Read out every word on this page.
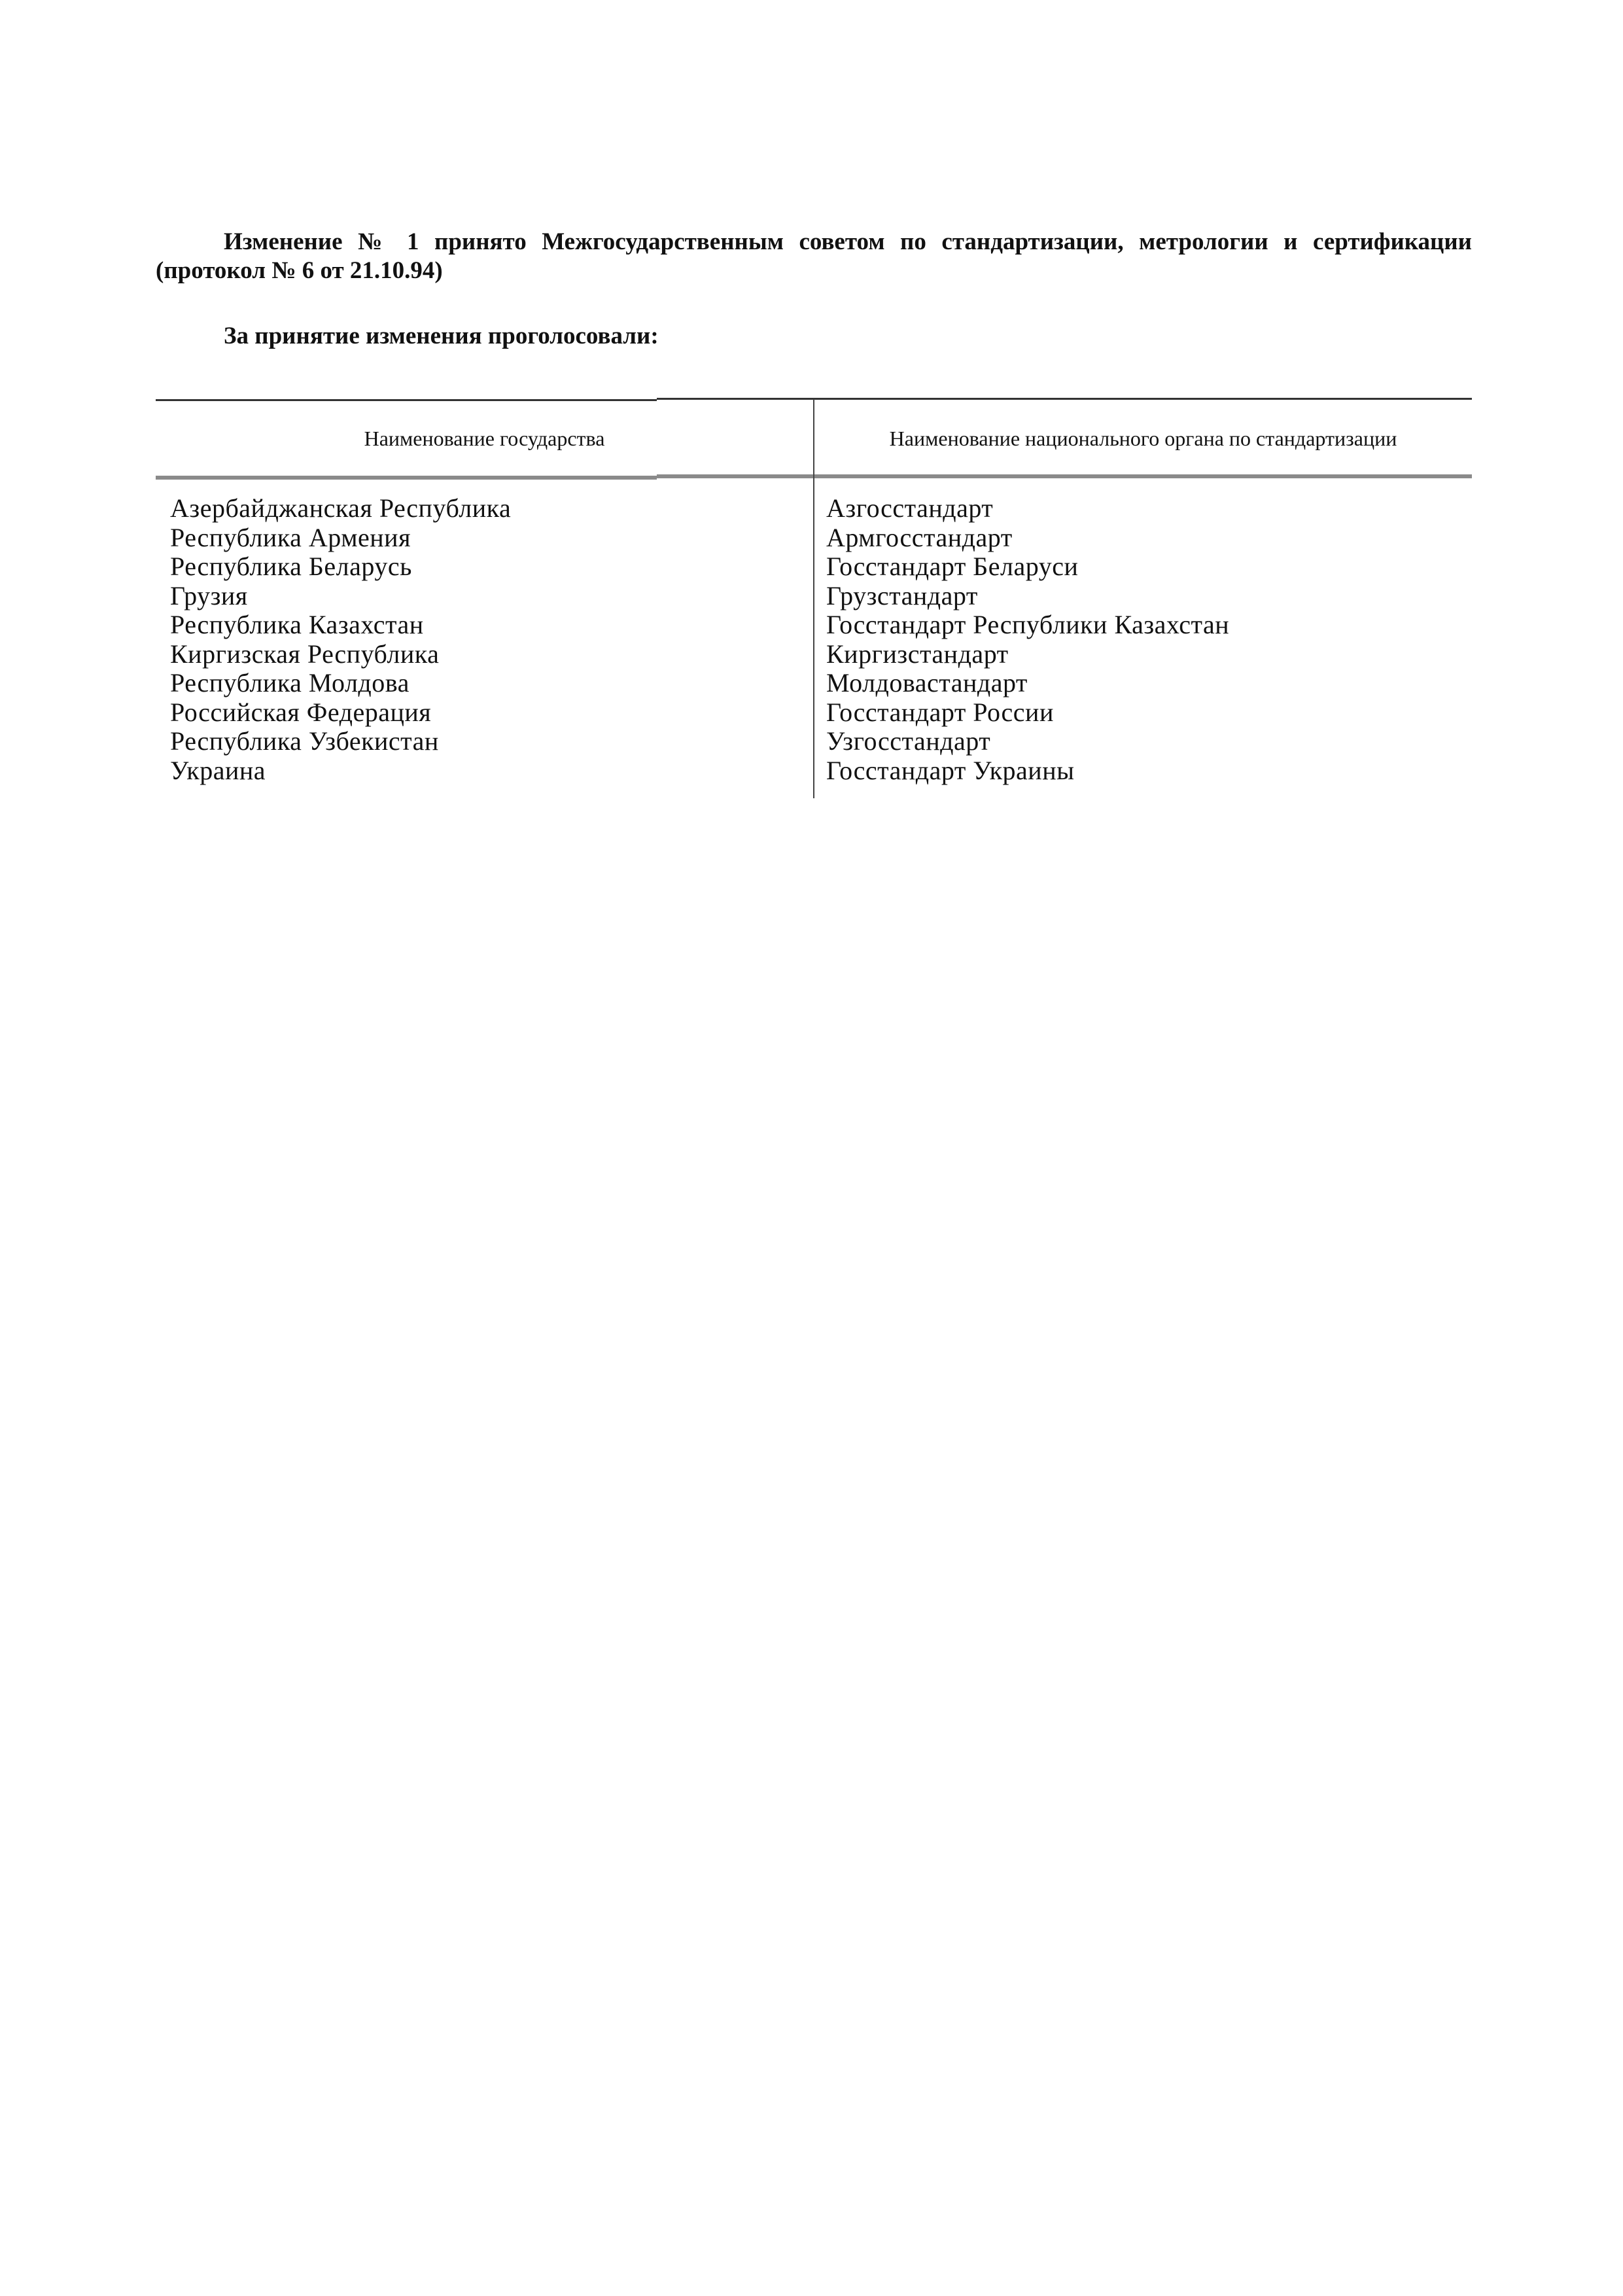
Изменение № 1 принято Межгосударственным советом по стандартизации, метрологии и сертификации (протокол № 6 от 21.10.94)

За принятие изменения проголосовали:

Наименование государства	Наименование национального органа по стандартизации
Азербайджанская Республика
Республика Армения
Республика Беларусь
Грузия
Республика Казахстан
Киргизская Республика
Республика Молдова
Российская Федерация
Республика Узбекистан
Украина
Азгосстандарт
Армгосстандарт
Госстандарт Беларуси
Грузстандарт
Госстандарт Республики Казахстан
Киргизстандарт
Молдовастандарт
Госстандарт России
Узгосстандарт
Госстандарт Украины
